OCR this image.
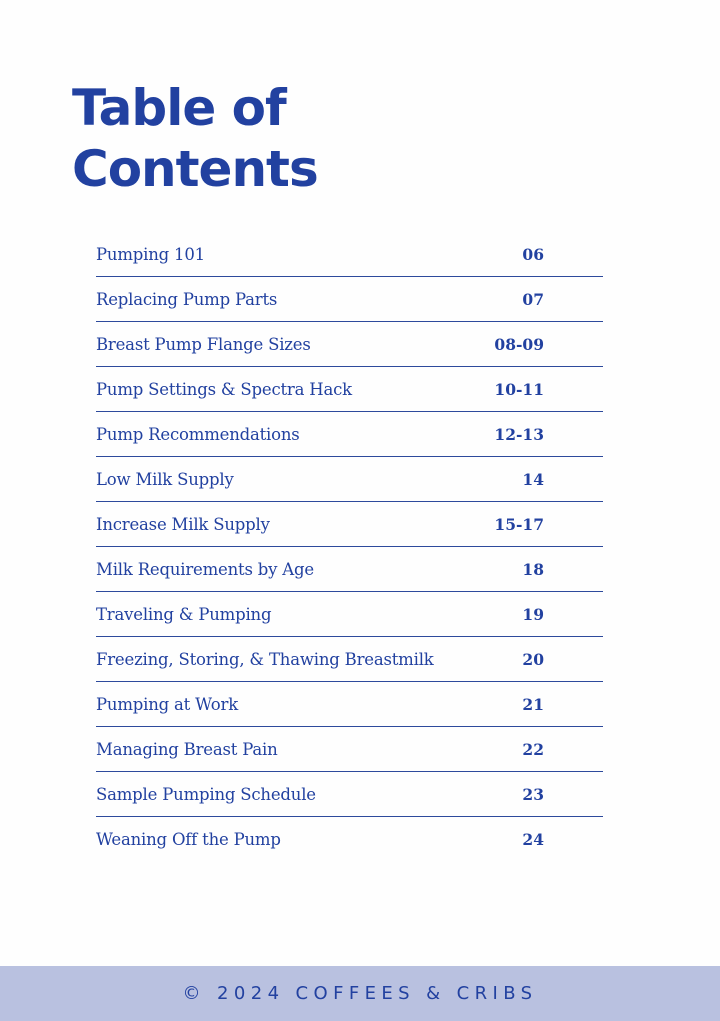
Table of
Contents
Pumping 101	06
Replacing Pump Parts	07
Breast Pump Flange Sizes	08-09
Pump Settings & Spectra Hack	10-11
Pump Recommendations	12-13
Low Milk Supply	14
Increase Milk Supply	15-17
Milk Requirements by Age	18
Traveling & Pumping	19
Freezing, Storing, & Thawing Breastmilk	20
Pumping at Work	21
Managing Breast Pain	22
Sample Pumping Schedule	23
Weaning Off the Pump	24
© 2024 COFFEES & CRIBS
